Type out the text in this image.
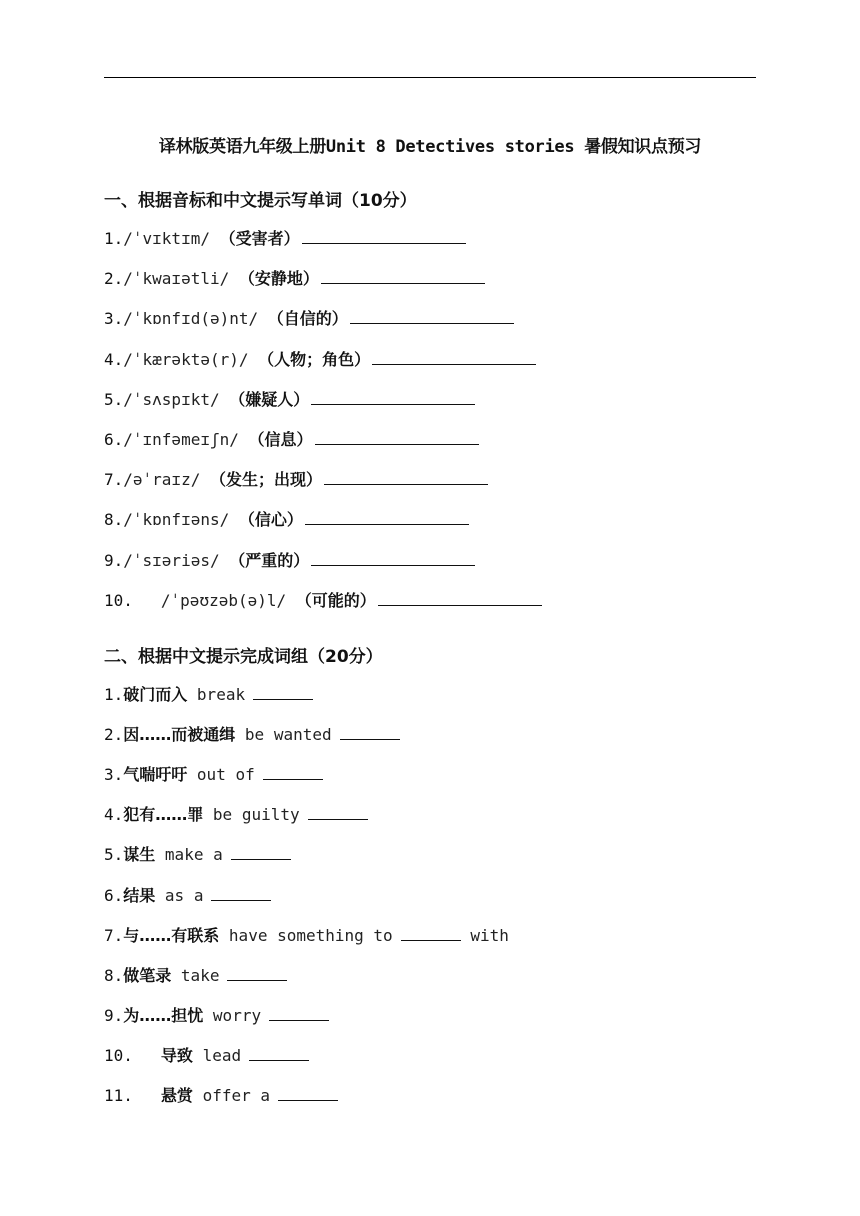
译林版英语九年级上册Unit 8 Detectives stories 暑假知识点预习
一、根据音标和中文提示写单词（10分）
1./ˈvɪktɪm/ （受害者）
2./ˈkwaɪətli/ （安静地）
3./ˈkɒnfɪd(ə)nt/ （自信的）
4./ˈkærəktə(r)/ （人物；角色）
5./ˈsʌspɪkt/ （嫌疑人）
6./ˈɪnfəmeɪʃn/ （信息）
7./əˈraɪz/ （发生；出现）
8./ˈkɒnfɪəns/ （信心）
9./ˈsɪəriəs/ （严重的）
10. /ˈpəʊzəb(ə)l/ （可能的）
二、根据中文提示完成词组（20分）
1.破门而入 break
2.因……而被通缉 be wanted
3.气喘吁吁 out of
4.犯有……罪 be guilty
5.谋生 make a
6.结果 as a
7.与……有联系 have something to	with
8.做笔录 take
9.为……担忧 worry
10. 导致 lead
11. 悬赏 offer a
